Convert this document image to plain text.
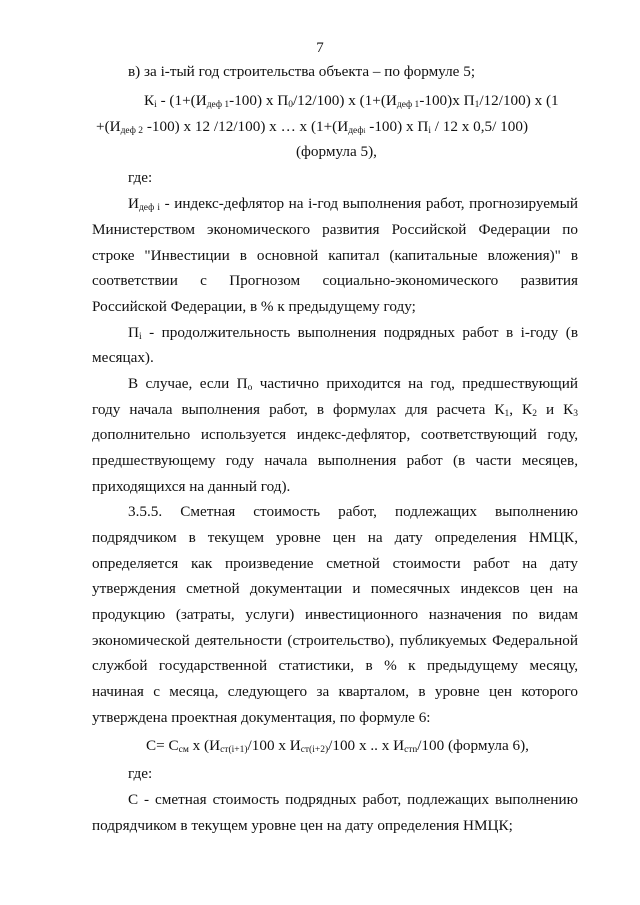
7
в) за i-тый год строительства объекта – по формуле 5;
$К_i - (1+(И_{деф 1}-100)$ х $П_0/12/100$) х ($1+(И_{деф 1}-100)х$ $П_1/12/100$) х (1
$+(И_{деф 2}$ -100) х 12 /12/100) х … х ($1+(И_{дефi}$ -100) х $П_i / 12$ х 0,5/ 100)
(формула 5),
где:
$И_{деф i}$ - индекс-дефлятор на i-год выполнения работ, прогнозируемый
Министерством экономического развития Российской Федерации по
строке "Инвестиции в основной капитал (капитальные вложения)" в
соответствии с Прогнозом социально-экономического развития
Российской Федерации, в % к предыдущему году;
$П_i$ - продолжительность выполнения подрядных работ в i-году (в
месяцах).
В случае, если $П_о$ частично приходится на год, предшествующий
году начала выполнения работ, в формулах для расчета $К_1$, $К_2$ и $К_3$
дополнительно используется индекс-дефлятор, соответствующий году,
предшествующему году начала выполнения работ (в части месяцев,
приходящихся на данный год).
3.5.5. Сметная стоимость работ, подлежащих выполнению
подрядчиком в текущем уровне цен на дату определения НМЦК,
определяется как произведение сметной стоимости работ на дату
утверждения сметной документации и помесячных индексов цен на
продукцию (затраты, услуги) инвестиционного назначения по видам
экономической деятельности (строительство), публикуемых Федеральной
службой государственной статистики, в % к предыдущему месяцу,
начиная с месяца, следующего за кварталом, в уровне цен которого
утверждена проектная документация, по формуле 6:
$С= С_{см}$ х ($И_{ст(i+1)}/100$ х $И_{ст(i+2)}/100$ х .. х $И_{стn}/100$ (формула 6),
где:
С - сметная стоимость подрядных работ, подлежащих выполнению
подрядчиком в текущем уровне цен на дату определения НМЦК;
